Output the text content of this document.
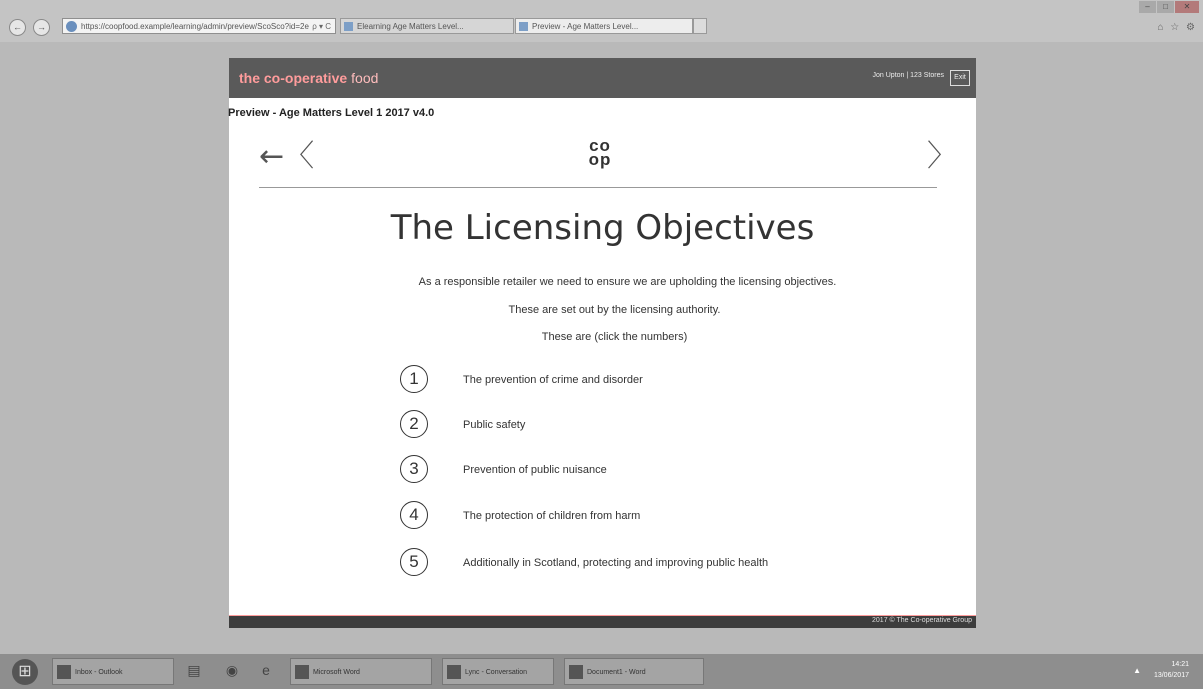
←	→	https://coopfood.example/learning/admin/preview/ScoSco?id=2e ρ ▾ C	Elearning Age Matters Level...	Preview - Age Matters Level...
–	□	✕
⌂ ☆ ⚙
the co-operative food	Jon Upton | 123 Stores	Exit
Preview - Age Matters Level 1 2017 v4.0
←〈	co
op	〉
The Licensing Objectives
As a responsible retailer we need to ensure we are upholding the licensing objectives.
These are set out by the licensing authority.
These are (click the numbers)
1	The prevention of crime and disorder
2	Public safety
3	Prevention of public nuisance
4	The protection of children from harm
5	Additionally in Scotland, protecting and improving public health
2017 © The Co-operative Group
⊞	Inbox - Outlook	▤ ◉ e	Microsoft Word	Lync - Conversation	Document1 - Word	▲
14:21
13/06/2017
